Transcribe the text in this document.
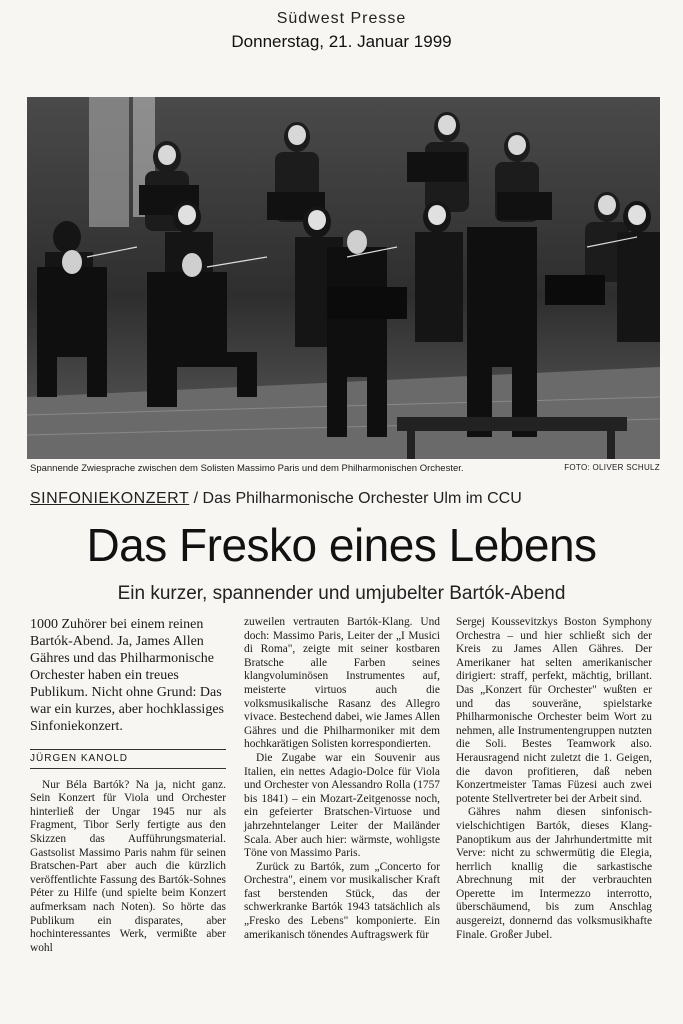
Südwest Presse
Donnerstag, 21. Januar 1999
Spannende Zwiesprache zwischen dem Solisten Massimo Paris und dem Philharmonischen Orchester.	FOTO: OLIVER SCHULZ
SINFONIEKONZERT / Das Philharmonische Orchester Ulm im CCU
Das Fresko eines Lebens
Ein kurzer, spannender und umjubelter Bartók-Abend
1000 Zuhörer bei einem reinen Bartók-Abend. Ja, James Allen Gähres und das Philharmonische Orchester haben ein treues Publikum. Nicht ohne Grund: Das war ein kurzes, aber hochklassiges Sinfoniekonzert.
JÜRGEN KANOLD

Nur Béla Bartók? Na ja, nicht ganz. Sein Konzert für Viola und Orchester hinterließ der Ungar 1945 nur als Fragment, Tibor Serly fertigte aus den Skizzen das Aufführungsmaterial. Gastsolist Massimo Paris nahm für seinen Bratschen-Part aber auch die kürzlich veröffentlichte Fassung des Bartók-Sohnes Péter zu Hilfe (und spielte beim Konzert aufmerksam nach Noten). So hörte das Publikum ein disparates, aber hochinteressantes Werk, vermißte aber wohl

zuweilen vertrauten Bartók-Klang. Und doch: Massimo Paris, Leiter der „I Musici di Roma", zeigte mit seiner kostbaren Bratsche alle Farben seines klangvoluminösen Instrumentes auf, meisterte virtuos auch die volksmusikalische Rasanz des Allegro vivace. Bestechend dabei, wie James Allen Gähres und die Philharmoniker mit dem hochkarätigen Solisten korrespondierten.

Die Zugabe war ein Souvenir aus Italien, ein nettes Adagio-Dolce für Viola und Orchester von Alessandro Rolla (1757 bis 1841) – ein Mozart-Zeitgenosse noch, ein gefeierter Bratschen-Virtuose und jahrzehntelanger Leiter der Mailänder Scala. Aber auch hier: wärmste, wohligste Töne von Massimo Paris.

Zurück zu Bartók, zum „Concerto for Orchestra", einem vor musikalischer Kraft fast berstenden Stück, das der schwerkranke Bartók 1943 tatsächlich als „Fresko des Lebens" komponierte. Ein amerikanisch tönendes Auftragswerk für

Sergej Koussevitzkys Boston Symphony Orchestra – und hier schließt sich der Kreis zu James Allen Gähres. Der Amerikaner hat selten amerikanischer dirigiert: straff, perfekt, mächtig, brillant. Das „Konzert für Orchester" wußten er und das souveräne, spielstarke Philharmonische Orchester beim Wort zu nehmen, alle Instrumentengruppen nutzten die Soli. Bestes Teamwork also. Herausragend nicht zuletzt die 1. Geigen, die davon profitieren, daß neben Konzertmeister Tamas Füzesi auch zwei potente Stellvertreter bei der Arbeit sind.

Gähres nahm diesen sinfonisch-vielschichtigen Bartók, dieses Klang-Panoptikum aus der Jahrhundertmitte mit Verve: nicht zu schwermütig die Elegia, herrlich knallig die sarkastische Abrechnung mit der verbrauchten Operette im Intermezzo interrotto, überschäumend, bis zum Anschlag ausgereizt, donnernd das volksmusikhafte Finale. Großer Jubel.
